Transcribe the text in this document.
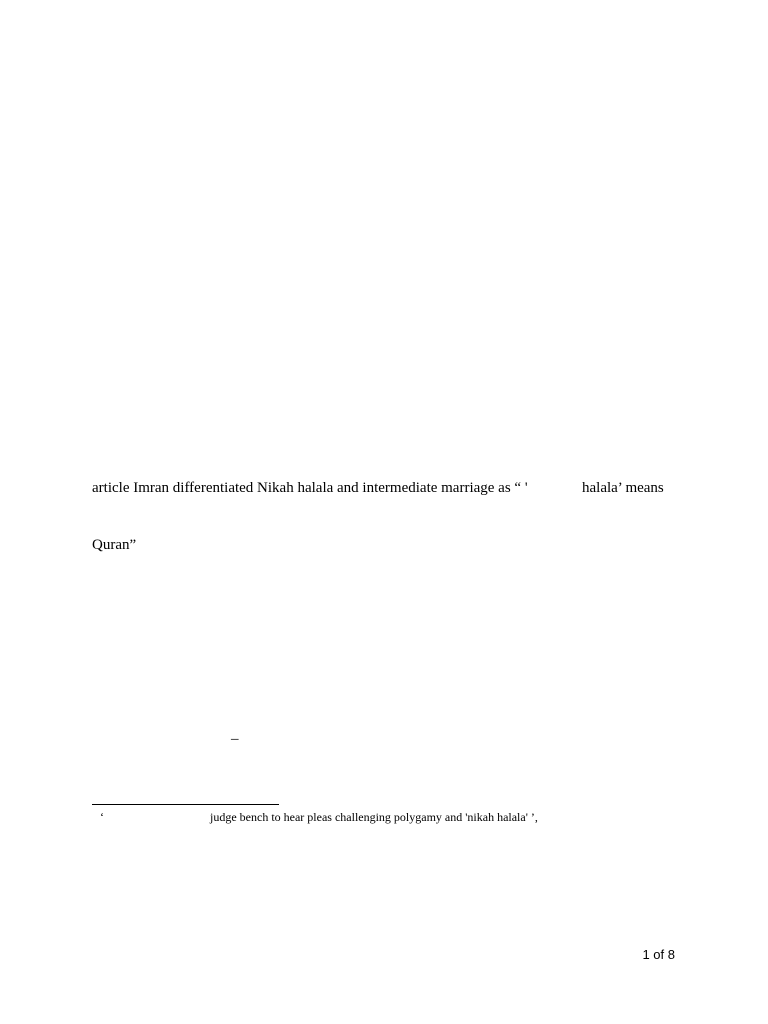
article Imran differentiated Nikah halala and intermediate marriage as “ '

	halala’ means

Quran”
–
‘	judge bench to hear pleas challenging polygamy and 'nikah halala' ’,
1 of 8
